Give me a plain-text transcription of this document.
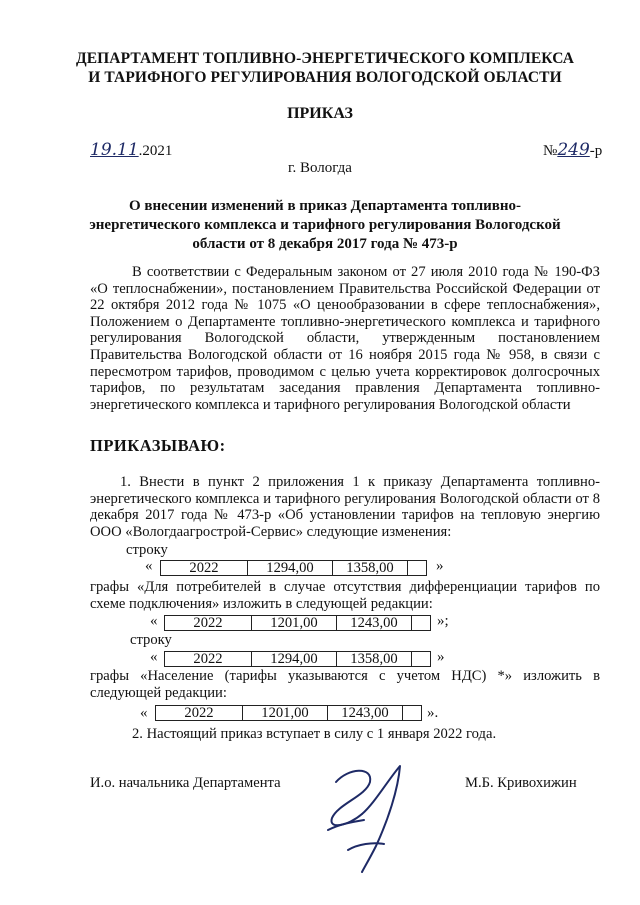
ДЕПАРТАМЕНТ ТОПЛИВНО-ЭНЕРГЕТИЧЕСКОГО КОМПЛЕКСА
И ТАРИФНОГО РЕГУЛИРОВАНИЯ ВОЛОГОДСКОЙ ОБЛАСТИ
ПРИКАЗ
19.11.2021	№249-р
г. Вологда
О внесении изменений в приказ Департамента топливно-
энергетического комплекса и тарифного регулирования Вологодской
области от 8 декабря 2017 года № 473-р
В соответствии с Федеральным законом от 27 июля 2010 года № 190-ФЗ «О теплоснабжении», постановлением Правительства Российской Федерации от 22 октября 2012 года № 1075 «О ценообразовании в сфере теплоснабжения», Положением о Департаменте топливно-энергетического комплекса и тарифного регулирования Вологодской области, утвержденным постановлением Правительства Вологодской области от 16 ноября 2015 года № 958, в связи с пересмотром тарифов, проводимом с целью учета корректировок долгосрочных тарифов, по результатам заседания правления Департамента топливно-энергетического комплекса и тарифного регулирования Вологодской области
ПРИКАЗЫВАЮ:
1. Внести в пункт 2 приложения 1 к приказу Департамента топливно-энергетического комплекса и тарифного регулирования Вологодской области от 8 декабря 2017 года № 473-р «Об установлении тарифов на тепловую энергию ООО «Вологдаагрострой-Сервис» следующие изменения:
строку
«	2022	1294,00	1358,00		»
графы «Для потребителей в случае отсутствия дифференциации тарифов по схеме подключения» изложить в следующей редакции:
« 2022	1201,00	1243,00		»;
строку
« 2022	1294,00	1358,00		»
графы «Население (тарифы указываются с учетом НДС) *» изложить в следующей редакции:
«	2022	1201,00	1243,00		».
2. Настоящий приказ вступает в силу с 1 января 2022 года.
И.о. начальника Департамента	М.Б. Кривохижин
